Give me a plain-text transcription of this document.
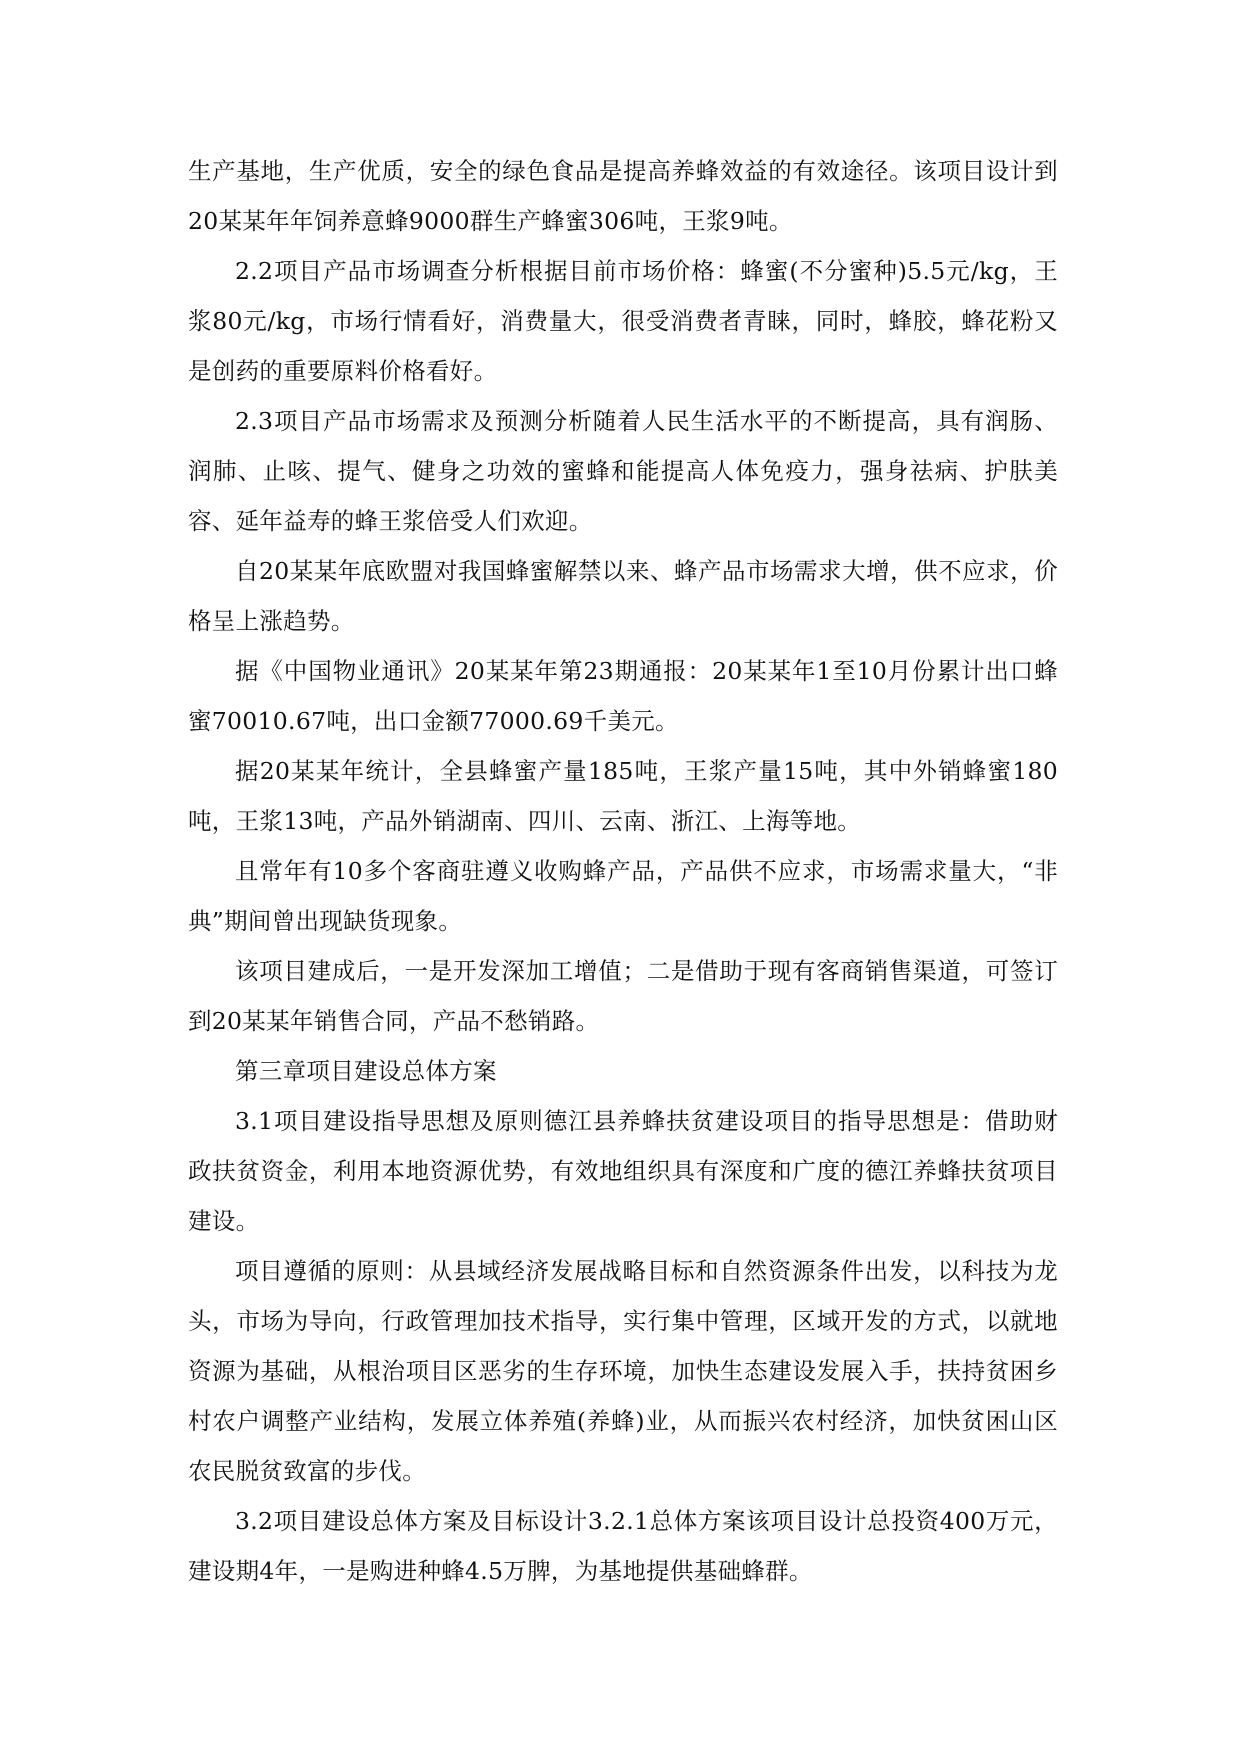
生产基地，生产优质，安全的绿色食品是提高养蜂效益的有效途径。该项目设计到20某某年年饲养意蜂9000群生产蜂蜜306吨，王浆9吨。

2.2项目产品市场调查分析根据目前市场价格：蜂蜜(不分蜜种)5.5元/kg，王浆80元/kg，市场行情看好，消费量大，很受消费者青睐，同时，蜂胶，蜂花粉又是创药的重要原料价格看好。

2.3项目产品市场需求及预测分析随着人民生活水平的不断提高，具有润肠、润肺、止咳、提气、健身之功效的蜜蜂和能提高人体免疫力，强身祛病、护肤美容、延年益寿的蜂王浆倍受人们欢迎。

自20某某年底欧盟对我国蜂蜜解禁以来、蜂产品市场需求大增，供不应求，价格呈上涨趋势。

据《中国物业通讯》20某某年第23期通报：20某某年1至10月份累计出口蜂蜜70010.67吨，出口金额77000.69千美元。

据20某某年统计，全县蜂蜜产量185吨，王浆产量15吨，其中外销蜂蜜180吨，王浆13吨，产品外销湖南、四川、云南、浙江、上海等地。

且常年有10多个客商驻遵义收购蜂产品，产品供不应求，市场需求量大，“非典”期间曾出现缺货现象。

该项目建成后，一是开发深加工增值；二是借助于现有客商销售渠道，可签订到20某某年销售合同，产品不愁销路。

第三章项目建设总体方案

3.1项目建设指导思想及原则德江县养蜂扶贫建设项目的指导思想是：借助财政扶贫资金，利用本地资源优势，有效地组织具有深度和广度的德江养蜂扶贫项目建设。

项目遵循的原则：从县域经济发展战略目标和自然资源条件出发，以科技为龙头，市场为导向，行政管理加技术指导，实行集中管理，区域开发的方式，以就地资源为基础，从根治项目区恶劣的生存环境，加快生态建设发展入手，扶持贫困乡村农户调整产业结构，发展立体养殖(养蜂)业，从而振兴农村经济，加快贫困山区农民脱贫致富的步伐。

3.2项目建设总体方案及目标设计3.2.1总体方案该项目设计总投资400万元，建设期4年，一是购进种蜂4.5万脾，为基地提供基础蜂群。
